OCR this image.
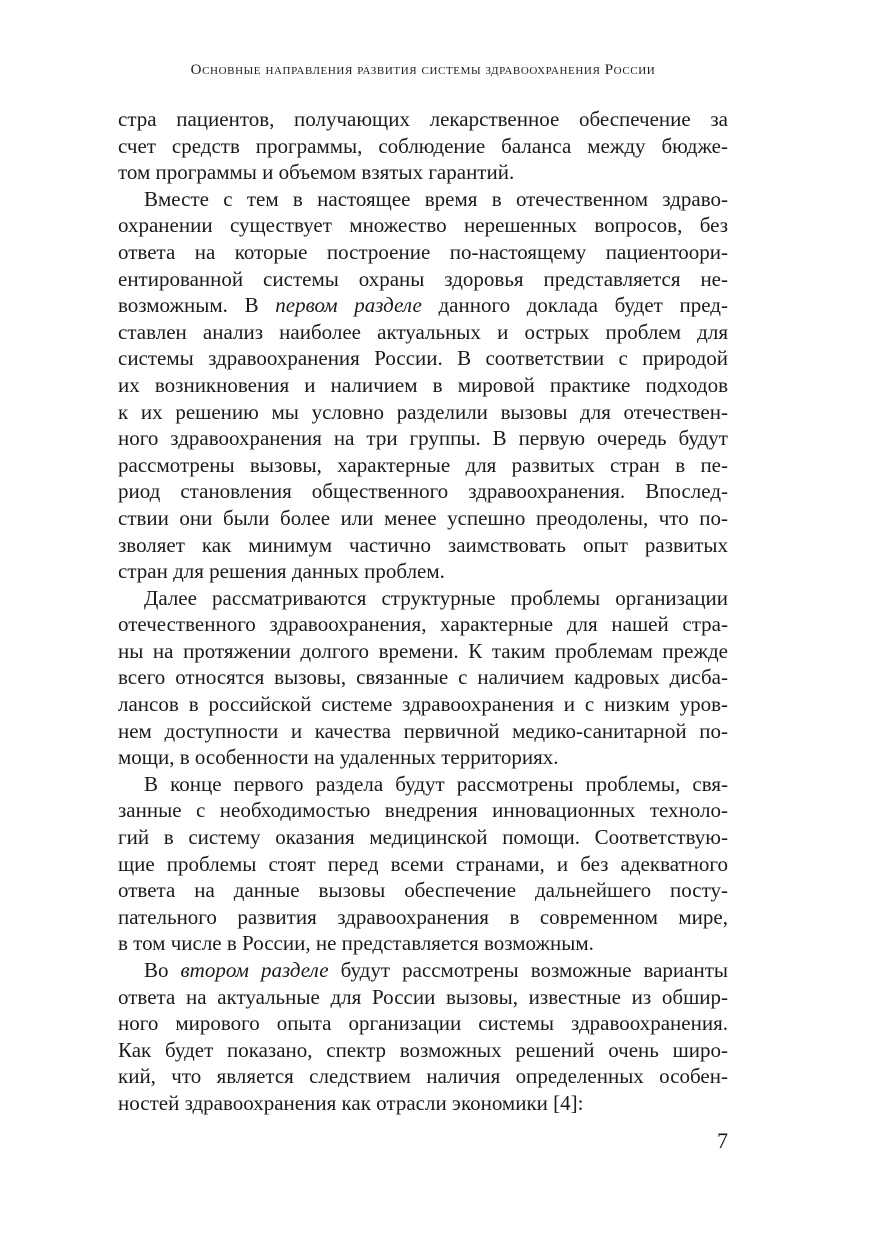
Основные направления развития системы здравоохранения России
стра пациентов, получающих лекарственное обеспечение за
счет средств программы, соблюдение баланса между бюдже-
том программы и объемом взятых гарантий.
Вместе с тем в настоящее время в отечественном здраво-
охранении существует множество нерешенных вопросов, без
ответа на которые построение по-настоящему пациентоори-
ентированной системы охраны здоровья представляется не-
возможным. В первом разделе данного доклада будет пред-
ставлен анализ наиболее актуальных и острых проблем для
системы здравоохранения России. В соответствии с природой
их возникновения и наличием в мировой практике подходов
к их решению мы условно разделили вызовы для отечествен-
ного здравоохранения на три группы. В первую очередь будут
рассмотрены вызовы, характерные для развитых стран в пе-
риод становления общественного здравоохранения. Впослед-
ствии они были более или менее успешно преодолены, что по-
зволяет как минимум частично заимствовать опыт развитых
стран для решения данных проблем.
Далее рассматриваются структурные проблемы организации
отечественного здравоохранения, характерные для нашей стра-
ны на протяжении долгого времени. К таким проблемам прежде
всего относятся вызовы, связанные с наличием кадровых дисба-
лансов в российской системе здравоохранения и с низким уров-
нем доступности и качества первичной медико-санитарной по-
мощи, в особенности на удаленных территориях.
В конце первого раздела будут рассмотрены проблемы, свя-
занные с необходимостью внедрения инновационных техноло-
гий в систему оказания медицинской помощи. Соответствую-
щие проблемы стоят перед всеми странами, и без адекватного
ответа на данные вызовы обеспечение дальнейшего посту-
пательного развития здравоохранения в современном мире,
в том числе в России, не представляется возможным.
Во втором разделе будут рассмотрены возможные варианты
ответа на актуальные для России вызовы, известные из обшир-
ного мирового опыта организации системы здравоохранения.
Как будет показано, спектр возможных решений очень широ-
кий, что является следствием наличия определенных особен-
ностей здравоохранения как отрасли экономики [4]:
7
